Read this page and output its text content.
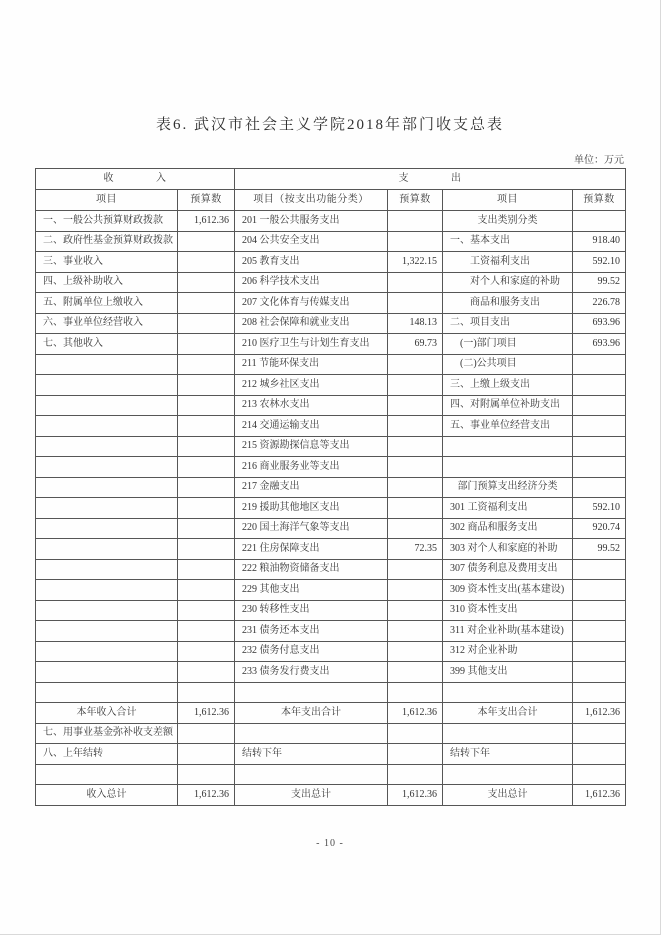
表6. 武汉市社会主义学院2018年部门收支总表
单位：万元
收　　　　入		支　　　　出			
项目	预算数	项目（按支出功能分类）	预算数	项目	预算数
一、一般公共预算财政拨款	1,612.36	201 一般公共服务支出		支出类别分类	
二、政府性基金预算财政拨款		204 公共安全支出		一、基本支出	918.40
三、事业收入		205 教育支出	1,322.15	　　工资福利支出	592.10
四、上级补助收入		206 科学技术支出		　　对个人和家庭的补助	99.52
五、附属单位上缴收入		207 文化体育与传媒支出		　　商品和服务支出	226.78
六、事业单位经营收入		208 社会保障和就业支出	148.13	二、项目支出	693.96
七、其他收入		210 医疗卫生与计划生育支出	69.73	　(一)部门项目	693.96
		211 节能环保支出		　(二)公共项目	
		212 城乡社区支出		三、上缴上级支出	
		213 农林水支出		四、对附属单位补助支出	
		214 交通运输支出		五、事业单位经营支出	
		215 资源勘探信息等支出			
		216 商业服务业等支出			
		217 金融支出		部门预算支出经济分类	
		219 援助其他地区支出		301 工资福利支出	592.10
		220 国土海洋气象等支出		302 商品和服务支出	920.74
		221 住房保障支出	72.35	303 对个人和家庭的补助	99.52
		222 粮油物资储备支出		307 债务利息及费用支出	
		229 其他支出		309 资本性支出(基本建设)	
		230 转移性支出		310 资本性支出	
		231 债务还本支出		311 对企业补助(基本建设)	
		232 债务付息支出		312 对企业补助	
		233 债务发行费支出		399 其他支出	

本年收入合计	1,612.36	本年支出合计	1,612.36	本年支出合计	1,612.36
七、用事业基金弥补收支差额					
八、上年结转		结转下年		结转下年	

收入总计	1,612.36	支出总计	1,612.36	支出总计	1,612.36
- 10 -
